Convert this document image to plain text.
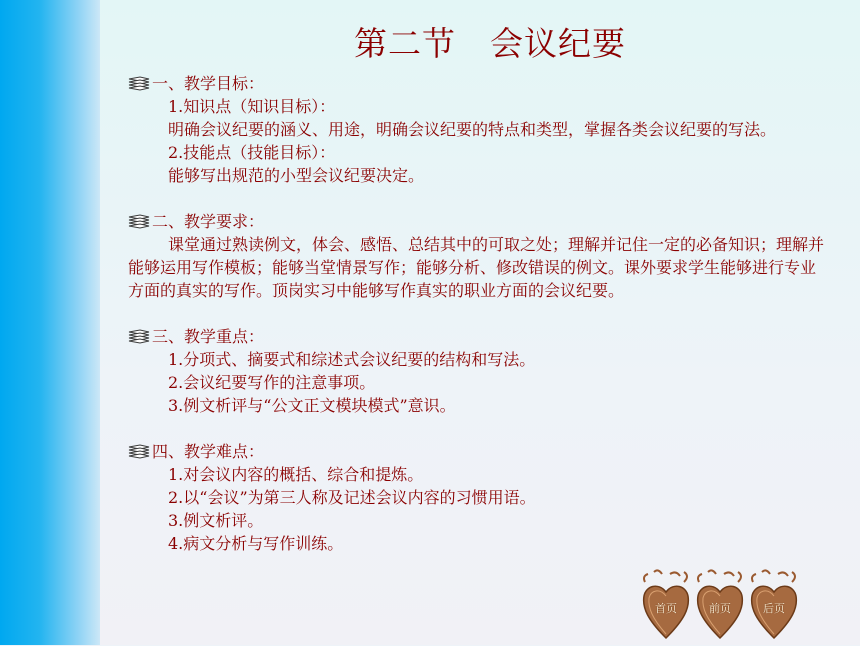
第二节 会议纪要
一、教学目标：
1.知识点（知识目标）：
明确会议纪要的涵义、用途，明确会议纪要的特点和类型，掌握各类会议纪要的写法。
2.技能点（技能目标）：
能够写出规范的小型会议纪要决定。
二、教学要求：
课堂通过熟读例文，体会、感悟、总结其中的可取之处；理解并记住一定的必备知识；理解并能够运用写作模板；能够当堂情景写作；能够分析、修改错误的例文。课外要求学生能够进行专业方面的真实的写作。顶岗实习中能够写作真实的职业方面的会议纪要。
三、教学重点：
1.分项式、摘要式和综述式会议纪要的结构和写法。
2.会议纪要写作的注意事项。
3.例文析评与“公文正文模块模式”意识。
四、教学难点：
1.对会议内容的概括、综合和提炼。
2.以“会议”为第三人称及记述会议内容的习惯用语。
3.例文析评。
4.病文分析与写作训练。
首页	前页	后页
